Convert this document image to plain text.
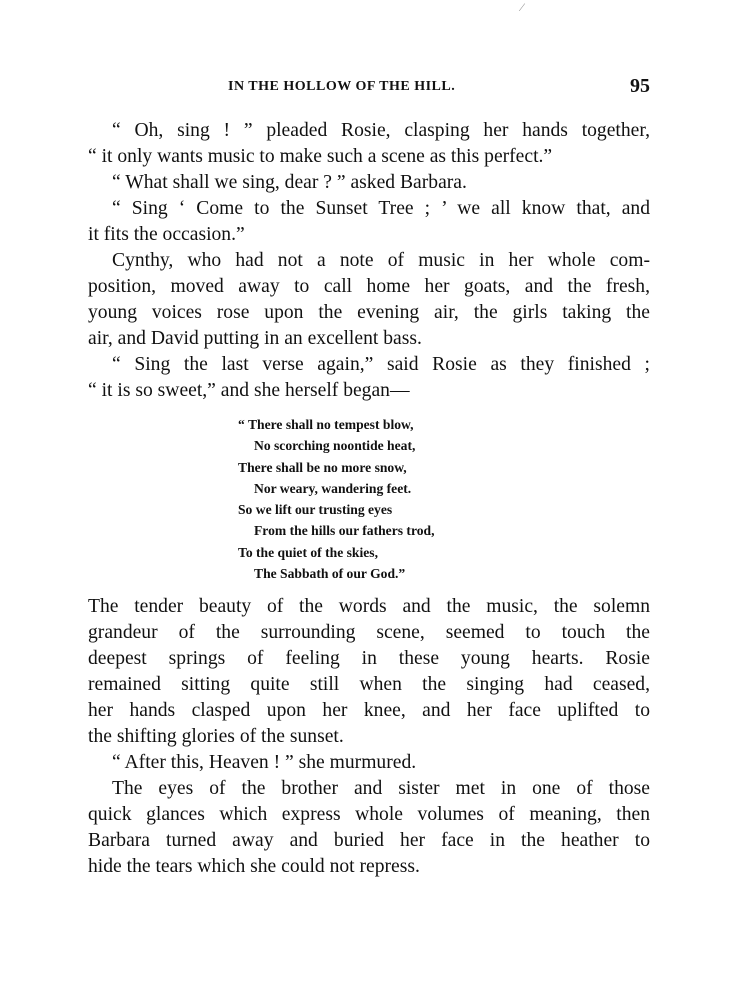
⁄
IN THE HOLLOW OF THE HILL.	95

“ Oh, sing ! ” pleaded Rosie, clasping her hands together,
“ it only wants music to make such a scene as this perfect.”

“ What shall we sing, dear ? ” asked Barbara.

“ Sing ‘ Come to the Sunset Tree ; ’ we all know that, and
it fits the occasion.”

Cynthy, who had not a note of music in her whole com-
position, moved away to call home her goats, and the fresh,
young voices rose upon the evening air, the girls taking the
air, and David putting in an excellent bass.

“ Sing the last verse again,” said Rosie as they finished ;
“ it is so sweet,” and she herself began—

“ There shall no tempest blow,
No scorching noontide heat,
There shall be no more snow,
Nor weary, wandering feet.
So we lift our trusting eyes
From the hills our fathers trod,
To the quiet of the skies,
The Sabbath of our God.”

The tender beauty of the words and the music, the solemn
grandeur of the surrounding scene, seemed to touch the
deepest springs of feeling in these young hearts. Rosie
remained sitting quite still when the singing had ceased,
her hands clasped upon her knee, and her face uplifted to
the shifting glories of the sunset.

“ After this, Heaven ! ” she murmured.

The eyes of the brother and sister met in one of those
quick glances which express whole volumes of meaning, then
Barbara turned away and buried her face in the heather to
hide the tears which she could not repress.
